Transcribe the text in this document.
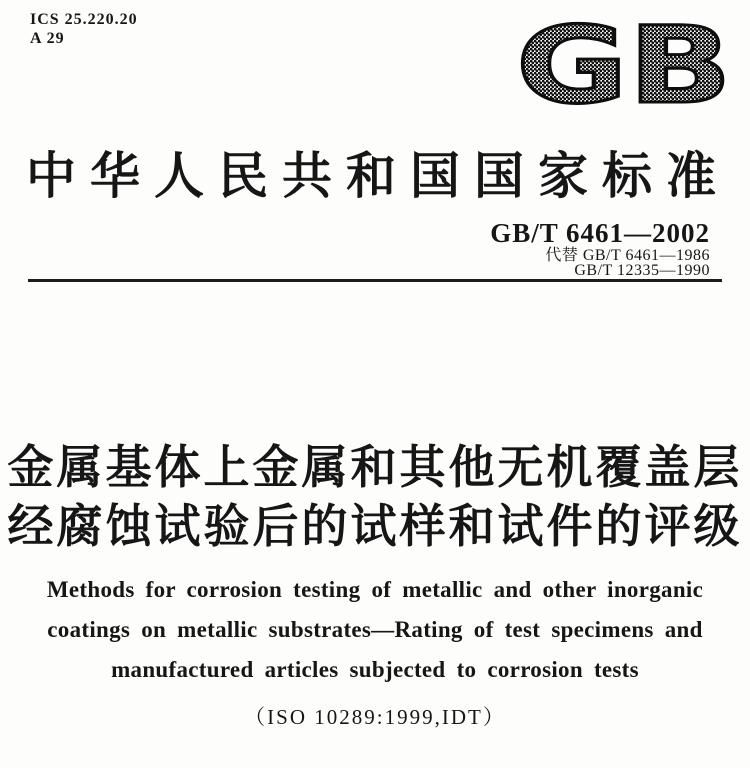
ICS 25.220.20
A 29	GB
中华人民共和国国家标准
GB/T 6461—2002
代替 GB/T 6461—1986
GB/T 12335—1990
金属基体上金属和其他无机覆盖层
经腐蚀试验后的试样和试件的评级
Methods for corrosion testing of metallic and other inorganic
coatings on metallic substrates—Rating of test specimens and
manufactured articles subjected to corrosion tests
（ISO 10289:1999,IDT）
